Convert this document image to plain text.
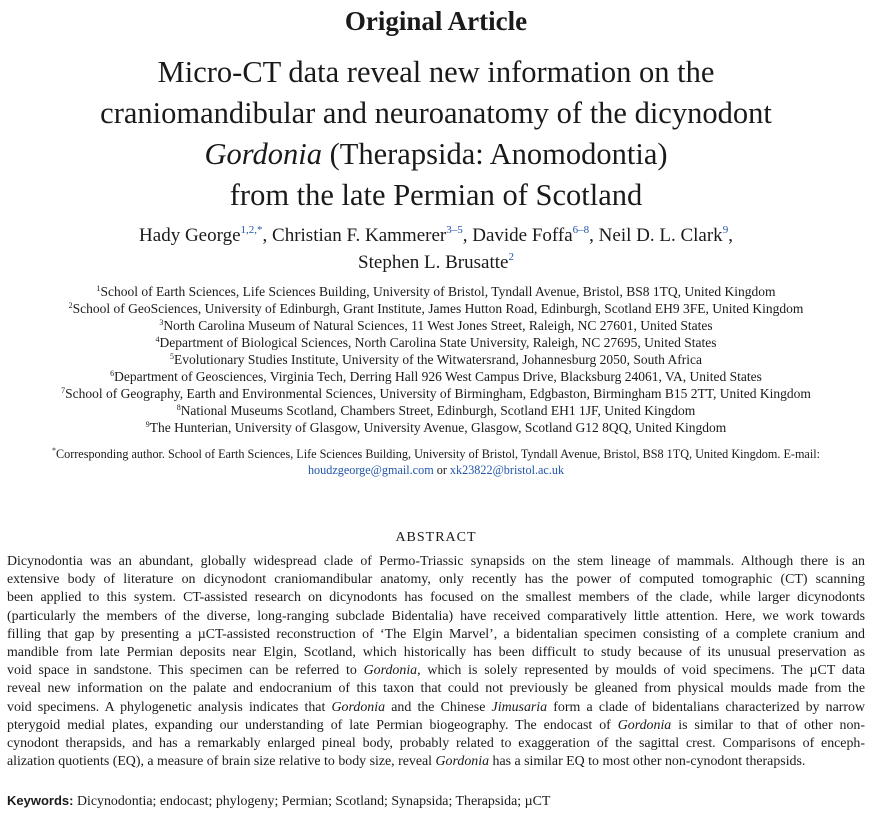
Original Article
Micro-CT data reveal new information on the
craniomandibular and neuroanatomy of the dicynodont
Gordonia (Therapsida: Anomodontia)
from the late Permian of Scotland
Hady George$^{1,2,*}$, Christian F. Kammerer$^{3-5}$, Davide Foffa$^{6-8}$, Neil D. L. Clark$^9$,
Stephen L. Brusatte$^2$
$^1$School of Earth Sciences, Life Sciences Building, University of Bristol, Tyndall Avenue, Bristol, BS8 1TQ, United Kingdom
$^2$School of GeoSciences, University of Edinburgh, Grant Institute, James Hutton Road, Edinburgh, Scotland EH9 3FE, United Kingdom
$^3$North Carolina Museum of Natural Sciences, 11 West Jones Street, Raleigh, NC 27601, United States
$^4$Department of Biological Sciences, North Carolina State University, Raleigh, NC 27695, United States
$^5$Evolutionary Studies Institute, University of the Witwatersrand, Johannesburg 2050, South Africa
$^6$Department of Geosciences, Virginia Tech, Derring Hall 926 West Campus Drive, Blacksburg 24061, VA, United States
$^7$School of Geography, Earth and Environmental Sciences, University of Birmingham, Edgbaston, Birmingham B15 2TT, United Kingdom
$^8$National Museums Scotland, Chambers Street, Edinburgh, Scotland EH1 1JF, United Kingdom
$^9$The Hunterian, University of Glasgow, University Avenue, Glasgow, Scotland G12 8QQ, United Kingdom
*Corresponding author. School of Earth Sciences, Life Sciences Building, University of Bristol, Tyndall Avenue, Bristol, BS8 1TQ, United Kingdom. E-mail:
houdzgeorge@gmail.com or xk23822@bristol.ac.uk
ABSTRACT
Dicynodontia was an abundant, globally widespread clade of Permo-Triassic synapsids on the stem lineage of mammals. Although there is an
extensive body of literature on dicynodont craniomandibular anatomy, only recently has the power of computed tomographic (CT) scanning
been applied to this system. CT-assisted research on dicynodonts has focused on the smallest members of the clade, while larger dicynodonts
(particularly the members of the diverse, long-ranging subclade Bidentalia) have received comparatively little attention. Here, we work towards
filling that gap by presenting a µCT-assisted reconstruction of ‘The Elgin Marvel’, a bidentalian specimen consisting of a complete cranium and
mandible from late Permian deposits near Elgin, Scotland, which historically has been difficult to study because of its unusual preservation as
void space in sandstone. This specimen can be referred to Gordonia, which is solely represented by moulds of void specimens. The µCT data
reveal new information on the palate and endocranium of this taxon that could not previously be gleaned from physical moulds made from the
void specimens. A phylogenetic analysis indicates that Gordonia and the Chinese Jimusaria form a clade of bidentalians characterized by narrow
pterygoid medial plates, expanding our understanding of late Permian biogeography. The endocast of Gordonia is similar to that of other non-
cynodont therapsids, and has a remarkably enlarged pineal body, probably related to exaggeration of the sagittal crest. Comparisons of enceph-
alization quotients (EQ), a measure of brain size relative to body size, reveal Gordonia has a similar EQ to most other non-cynodont therapsids.
Keywords: Dicynodontia; endocast; phylogeny; Permian; Scotland; Synapsida; Therapsida; µCT
